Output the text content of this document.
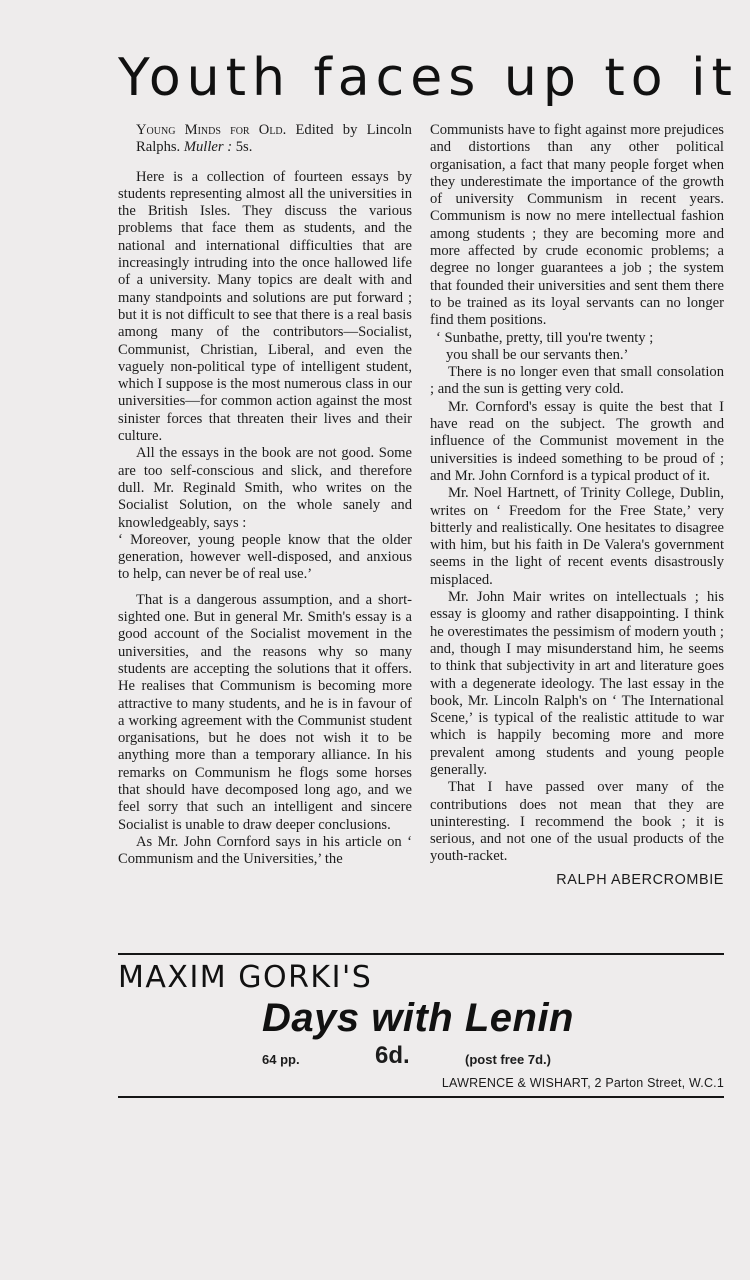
Youth faces up to it

Young Minds for Old. Edited by Lincoln Ralphs. Muller : 5s.

Here is a collection of fourteen essays by students representing almost all the universities in the British Isles. They discuss the various problems that face them as students, and the national and international difficulties that are increasingly intruding into the once hallowed life of a university. Many topics are dealt with and many standpoints and solutions are put forward ; but it is not difficult to see that there is a real basis among many of the contributors—Socialist, Communist, Christian, Liberal, and even the vaguely non-political type of intelligent student, which I suppose is the most numerous class in our universities—for common action against the most sinister forces that threaten their lives and their culture.

All the essays in the book are not good. Some are too self-conscious and slick, and therefore dull. Mr. Reginald Smith, who writes on the Socialist Solution, on the whole sanely and knowledgeably, says :

‘ Moreover, young people know that the older generation, however well-disposed, and anxious to help, can never be of real use.’

That is a dangerous assumption, and a short-sighted one. But in general Mr. Smith's essay is a good account of the Socialist movement in the universities, and the reasons why so many students are accepting the solutions that it offers. He realises that Communism is becoming more attractive to many students, and he is in favour of a working agreement with the Communist student organisations, but he does not wish it to be anything more than a temporary alliance. In his remarks on Communism he flogs some horses that should have decomposed long ago, and we feel sorry that such an intelligent and sincere Socialist is unable to draw deeper conclusions.

As Mr. John Cornford says in his article on ‘ Communism and the Universities,’ the

Communists have to fight against more prejudices and distortions than any other political organisation, a fact that many people forget when they underestimate the importance of the growth of university Communism in recent years. Communism is now no mere intellectual fashion among students ; they are becoming more and more affected by crude economic problems; a degree no longer guarantees a job ; the system that founded their universities and sent them there to be trained as its loyal servants can no longer find them positions.

‘ Sunbathe, pretty, till you're twenty ;

you shall be our servants then.’

There is no longer even that small consolation ; and the sun is getting very cold.

Mr. Cornford's essay is quite the best that I have read on the subject. The growth and influence of the Communist movement in the universities is indeed something to be proud of ; and Mr. John Cornford is a typical product of it.

Mr. Noel Hartnett, of Trinity College, Dublin, writes on ‘ Freedom for the Free State,’ very bitterly and realistically. One hesitates to disagree with him, but his faith in De Valera's government seems in the light of recent events disastrously misplaced.

Mr. John Mair writes on intellectuals ; his essay is gloomy and rather disappointing. I think he overestimates the pessimism of modern youth ; and, though I may misunderstand him, he seems to think that subjectivity in art and literature goes with a degenerate ideology. The last essay in the book, Mr. Lincoln Ralph's on ‘ The International Scene,’ is typical of the realistic attitude to war which is happily becoming more and more prevalent among students and young people generally.

That I have passed over many of the contributions does not mean that they are uninteresting. I recommend the book ; it is serious, and not one of the usual products of the youth-racket.

RALPH ABERCROMBIE

MAXIM GORKI'S
Days with Lenin
64 pp.	6d.	(post free 7d.)
LAWRENCE & WISHART, 2 Parton Street, W.C.1
